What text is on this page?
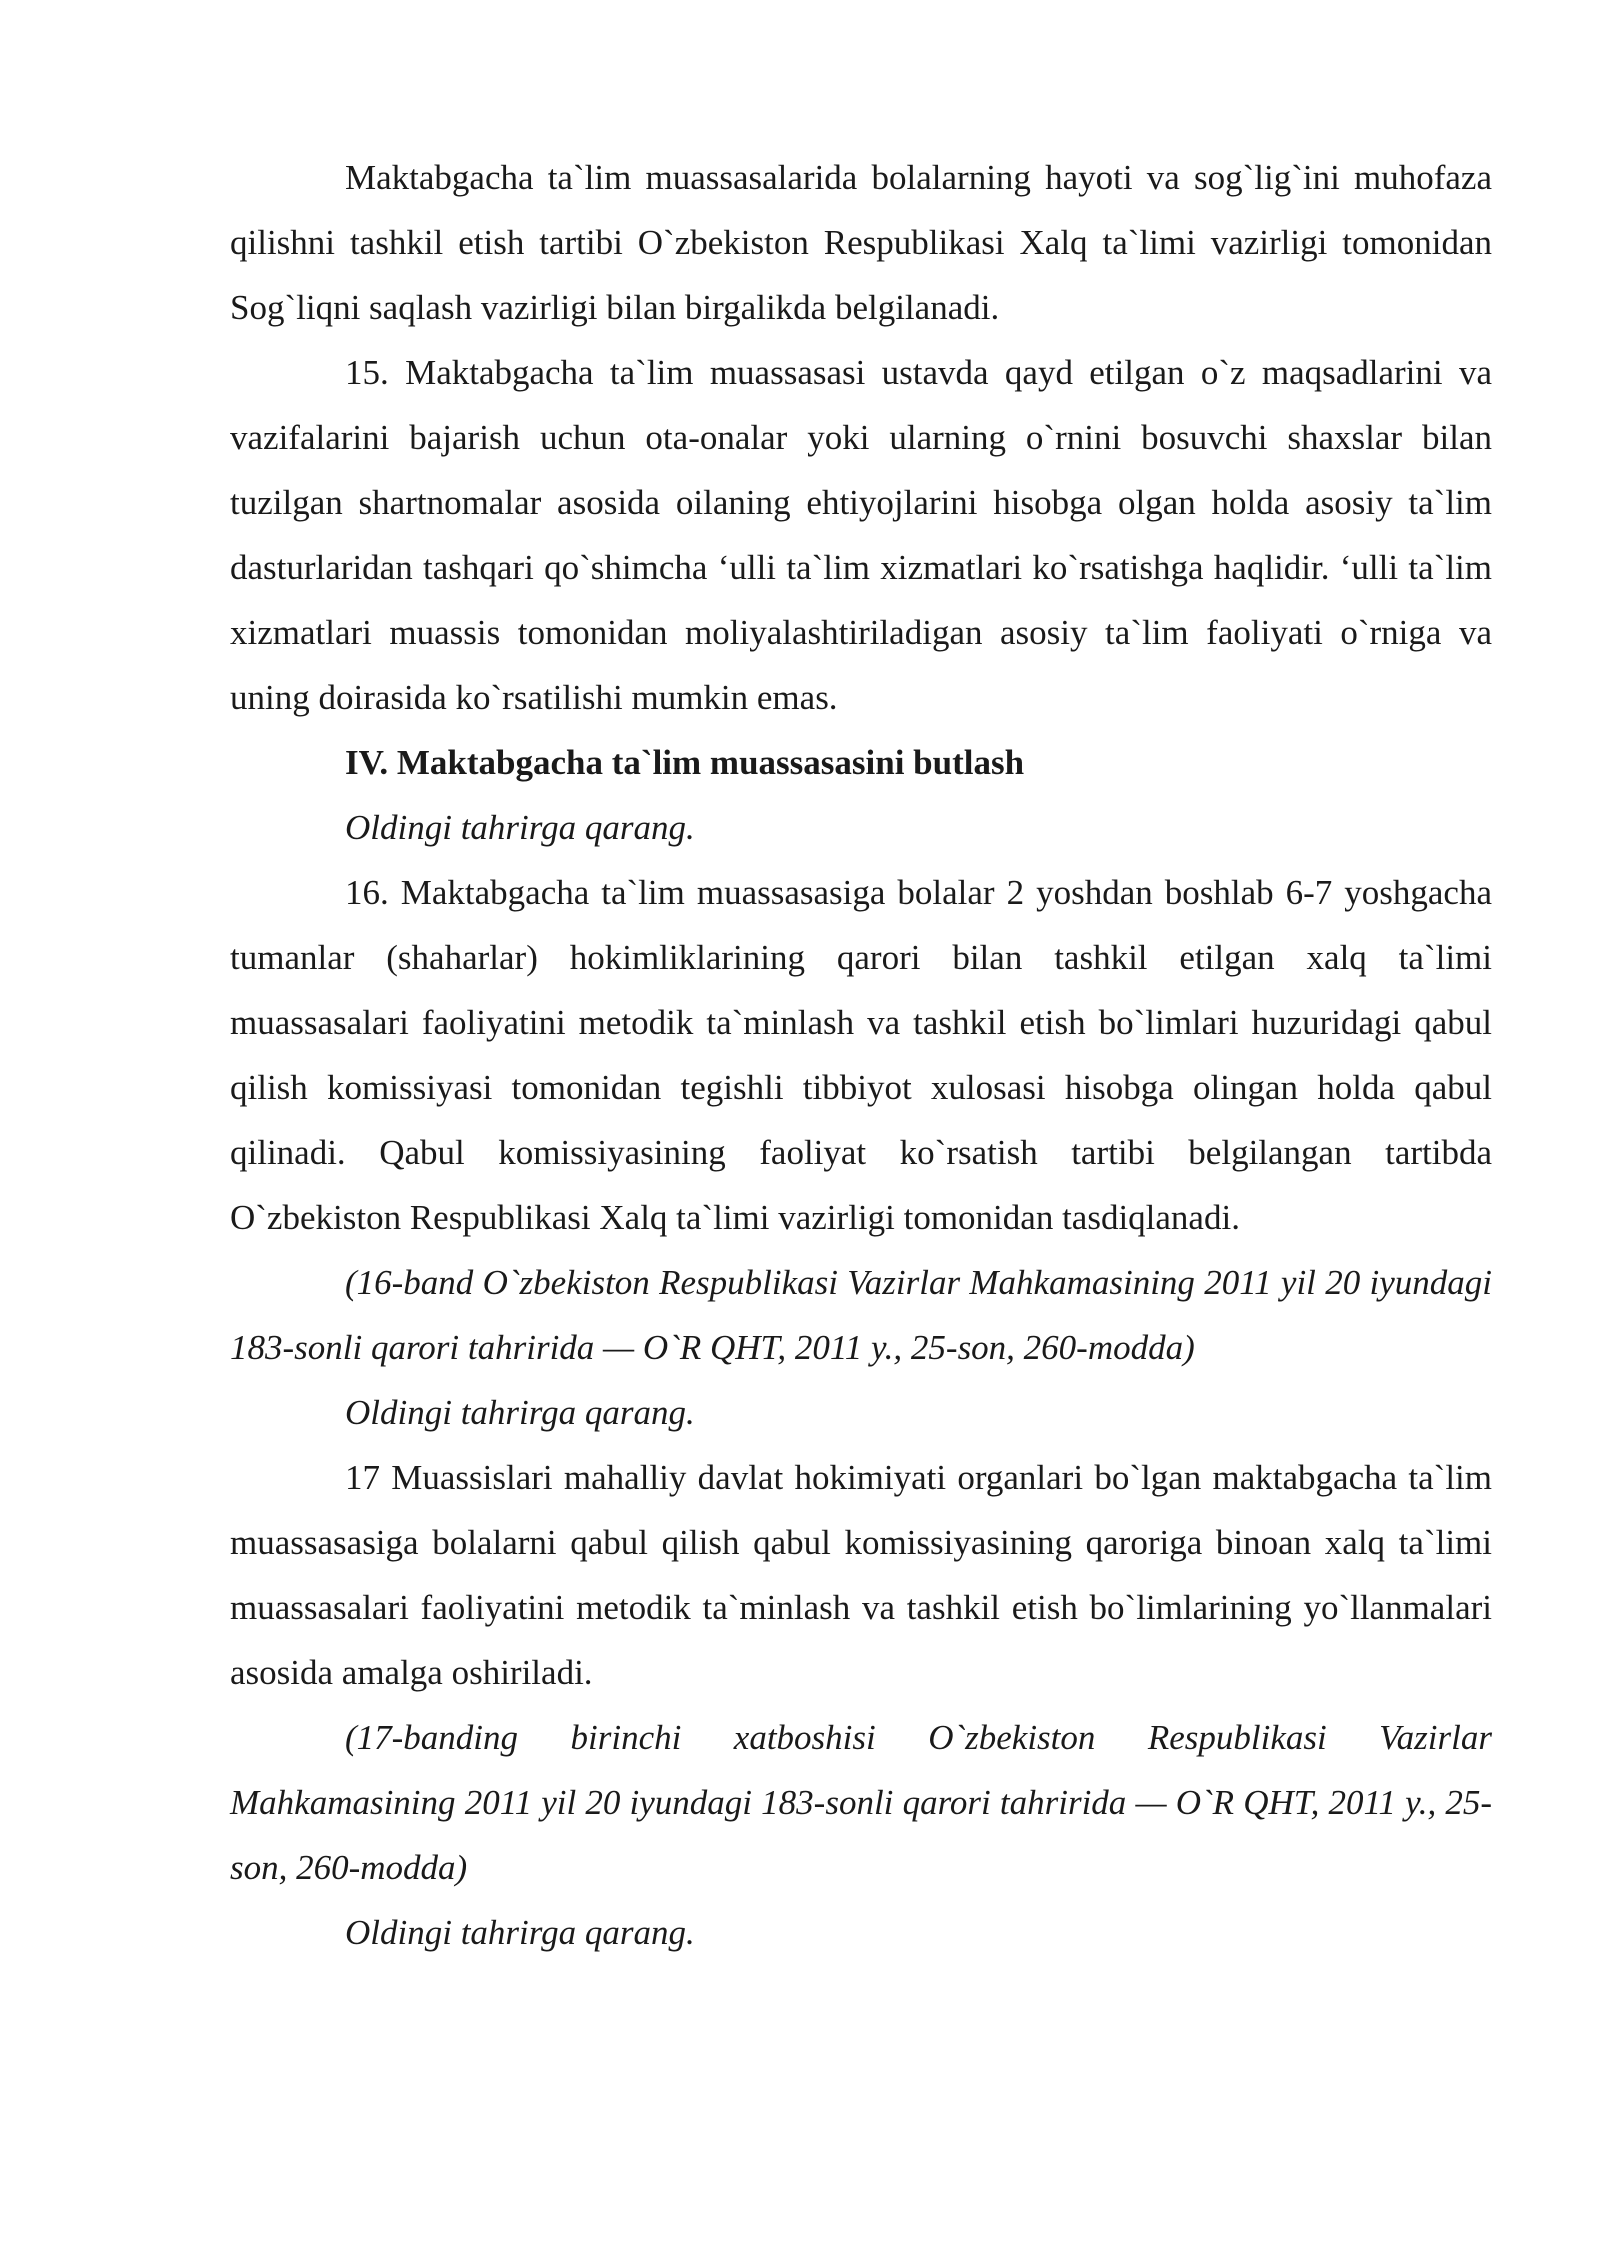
Maktabgacha ta`lim muassasalarida bolalarning hayoti va sog`lig`ini muhofaza qilishni tashkil etish tartibi O`zbekiston Respublikasi Xalq ta`limi vazirligi tomonidan Sog`liqni saqlash vazirligi bilan birgalikda belgilanadi.

15. Maktabgacha ta`lim muassasasi ustavda qayd etilgan o`z maqsadlarini va vazifalarini bajarish uchun ota-onalar yoki ularning o`rnini bosuvchi shaxslar bilan tuzilgan shartnomalar asosida oilaning ehtiyojlarini hisobga olgan holda asosiy ta`lim dasturlaridan tashqari qo`shimcha ‘ulli ta`lim xizmatlari ko`rsatishga haqlidir. ‘ulli ta`lim xizmatlari muassis tomonidan moliyalashtiriladigan asosiy ta`lim faoliyati o`rniga va uning doirasida ko`rsatilishi mumkin emas.

IV. Maktabgacha ta`lim muassasasini butlash

Oldingi tahrirga qarang.

16. Maktabgacha ta`lim muassasasiga bolalar 2 yoshdan boshlab 6-7 yoshgacha tumanlar (shaharlar) hokimliklarining qarori bilan tashkil etilgan xalq ta`limi muassasalari faoliyatini metodik ta`minlash va tashkil etish bo`limlari huzuridagi qabul qilish komissiyasi tomonidan tegishli tibbiyot xulosasi hisobga olingan holda qabul qilinadi. Qabul komissiyasining faoliyat ko`rsatish tartibi belgilangan tartibda O`zbekiston Respublikasi Xalq ta`limi vazirligi tomonidan tasdiqlanadi.

(16-band O`zbekiston Respublikasi Vazirlar Mahkamasining 2011 yil 20 iyundagi 183-sonli qarori tahririda — O`R QHT, 2011 y., 25-son, 260-modda)

Oldingi tahrirga qarang.

17 Muassislari mahalliy davlat hokimiyati organlari bo`lgan maktabgacha ta`lim muassasasiga bolalarni qabul qilish qabul komissiyasining qaroriga binoan xalq ta`limi muassasalari faoliyatini metodik ta`minlash va tashkil etish bo`limlarining yo`llanmalari asosida amalga oshiriladi.

(17-banding birinchi xatboshisi O`zbekiston Respublikasi Vazirlar Mahkamasining 2011 yil 20 iyundagi 183-sonli qarori tahririda — O`R QHT, 2011 y., 25-son, 260-modda)

Oldingi tahrirga qarang.
